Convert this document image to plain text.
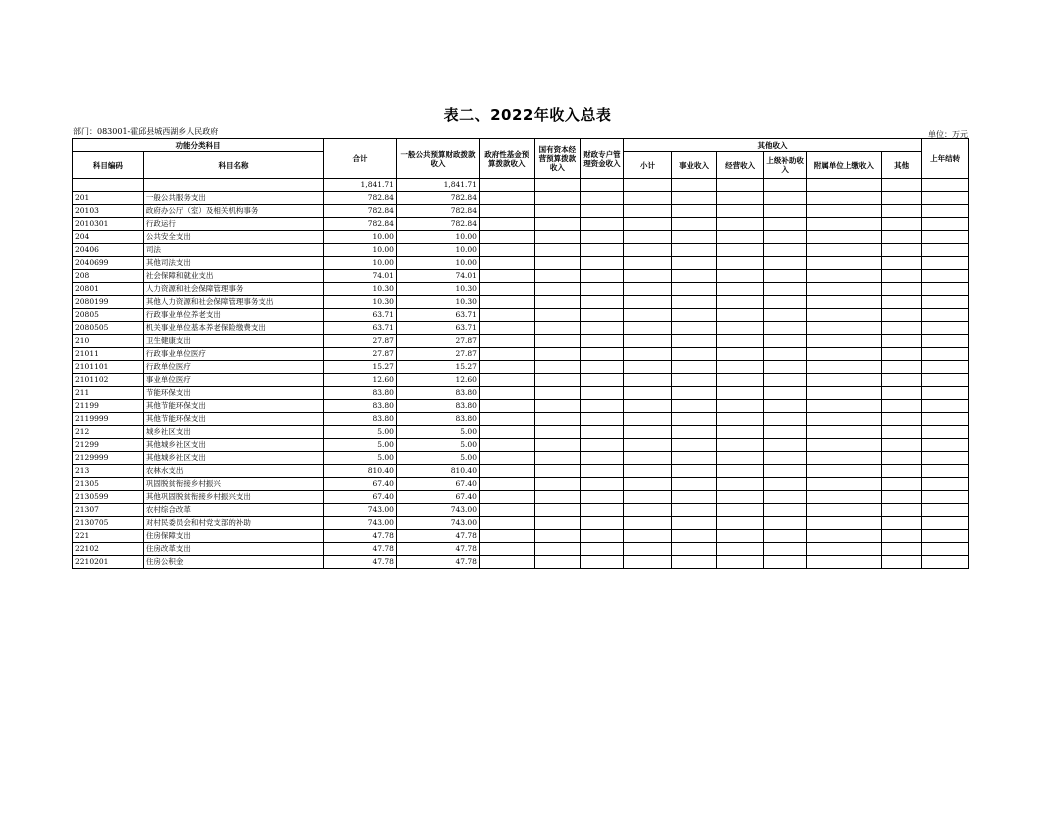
表二、2022年收入总表
部门：083001-霍邱县城西湖乡人民政府	单位：万元
功能分类科目		合计	一般公共预算财政拨款收入	政府性基金预算拨款收入	国有资本经营预算拨款收入	财政专户管理资金收入	其他收入						上年结转
科目编码	科目名称						小计	事业收入	经营收入	上级补助收入	附属单位上缴收入	其他	
		1,841.71	1,841.71										
201	一般公共服务支出	782.84	782.84										
20103	政府办公厅（室）及相关机构事务	782.84	782.84										
2010301	行政运行	782.84	782.84										
204	公共安全支出	10.00	10.00										
20406	司法	10.00	10.00										
2040699	其他司法支出	10.00	10.00										
208	社会保障和就业支出	74.01	74.01										
20801	人力资源和社会保障管理事务	10.30	10.30										
2080199	其他人力资源和社会保障管理事务支出	10.30	10.30										
20805	行政事业单位养老支出	63.71	63.71										
2080505	机关事业单位基本养老保险缴费支出	63.71	63.71										
210	卫生健康支出	27.87	27.87										
21011	行政事业单位医疗	27.87	27.87										
2101101	行政单位医疗	15.27	15.27										
2101102	事业单位医疗	12.60	12.60										
211	节能环保支出	83.80	83.80										
21199	其他节能环保支出	83.80	83.80										
2119999	其他节能环保支出	83.80	83.80										
212	城乡社区支出	5.00	5.00										
21299	其他城乡社区支出	5.00	5.00										
2129999	其他城乡社区支出	5.00	5.00										
213	农林水支出	810.40	810.40										
21305	巩固脱贫衔接乡村振兴	67.40	67.40										
2130599	其他巩固脱贫衔接乡村振兴支出	67.40	67.40										
21307	农村综合改革	743.00	743.00										
2130705	对村民委员会和村党支部的补助	743.00	743.00										
221	住房保障支出	47.78	47.78										
22102	住房改革支出	47.78	47.78										
2210201	住房公积金	47.78	47.78										
